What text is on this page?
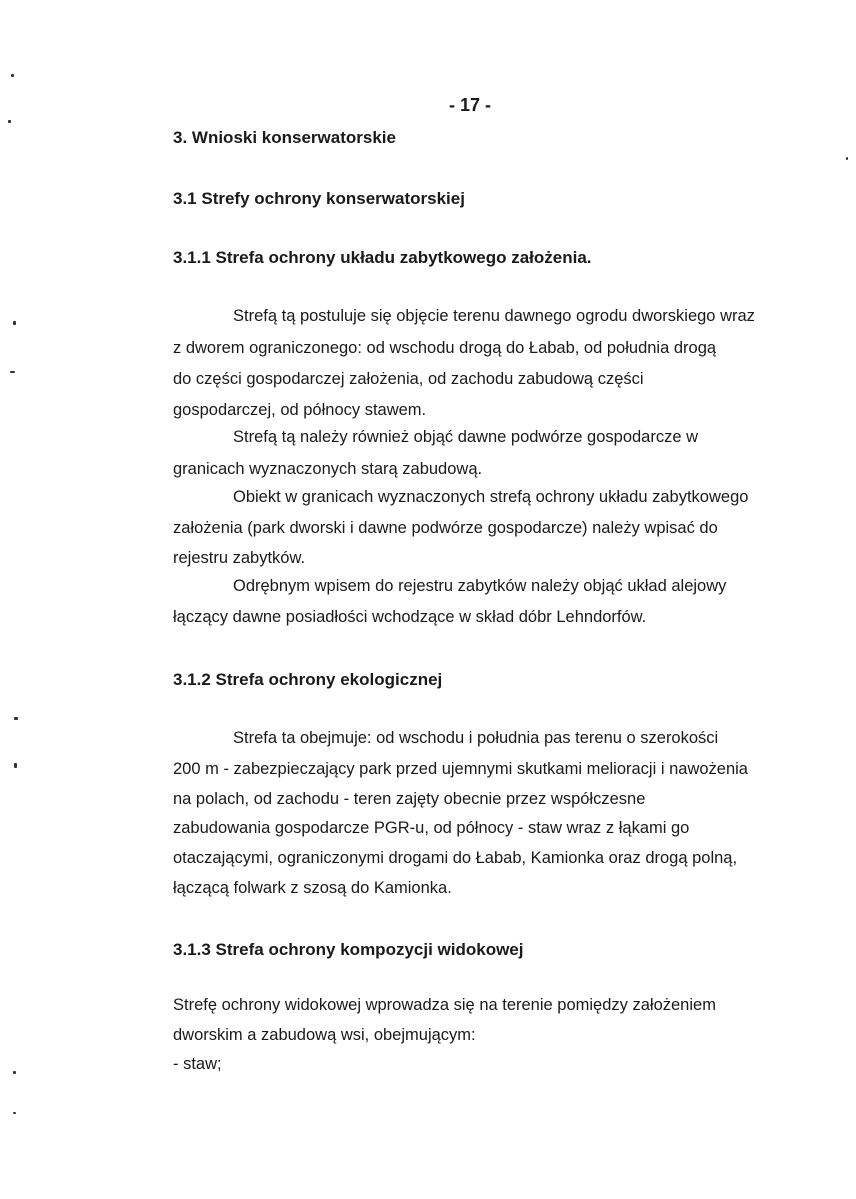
- 17 -
3. Wnioski konserwatorskie
3.1 Strefy ochrony konserwatorskiej
3.1.1 Strefa ochrony układu zabytkowego założenia.
Strefą tą postuluje się objęcie terenu dawnego ogrodu dworskiego wraz
z dworem ograniczonego: od wschodu drogą do Łabab, od południa drogą
do części gospodarczej założenia, od zachodu zabudową części
gospodarczej, od północy stawem.
Strefą tą należy również objąć dawne podwórze gospodarcze w
granicach wyznaczonych starą zabudową.
Obiekt w granicach wyznaczonych strefą ochrony układu zabytkowego
założenia (park dworski i dawne podwórze gospodarcze) należy wpisać do
rejestru zabytków.
Odrębnym wpisem do rejestru zabytków należy objąć układ alejowy
łączący dawne posiadłości wchodzące w skład dóbr Lehndorfów.
3.1.2 Strefa ochrony ekologicznej
Strefa ta obejmuje: od wschodu i południa pas terenu o szerokości
200 m - zabezpieczający park przed ujemnymi skutkami melioracji i nawożenia
na polach, od zachodu - teren zajęty obecnie przez współczesne
zabudowania gospodarcze PGR-u, od północy - staw wraz z łąkami go
otaczającymi, ograniczonymi drogami do Łabab, Kamionka oraz drogą polną,
łączącą folwark z szosą do Kamionka.
3.1.3 Strefa ochrony kompozycji widokowej
Strefę ochrony widokowej wprowadza się na terenie pomiędzy założeniem
dworskim a zabudową wsi, obejmującym:
- staw;
